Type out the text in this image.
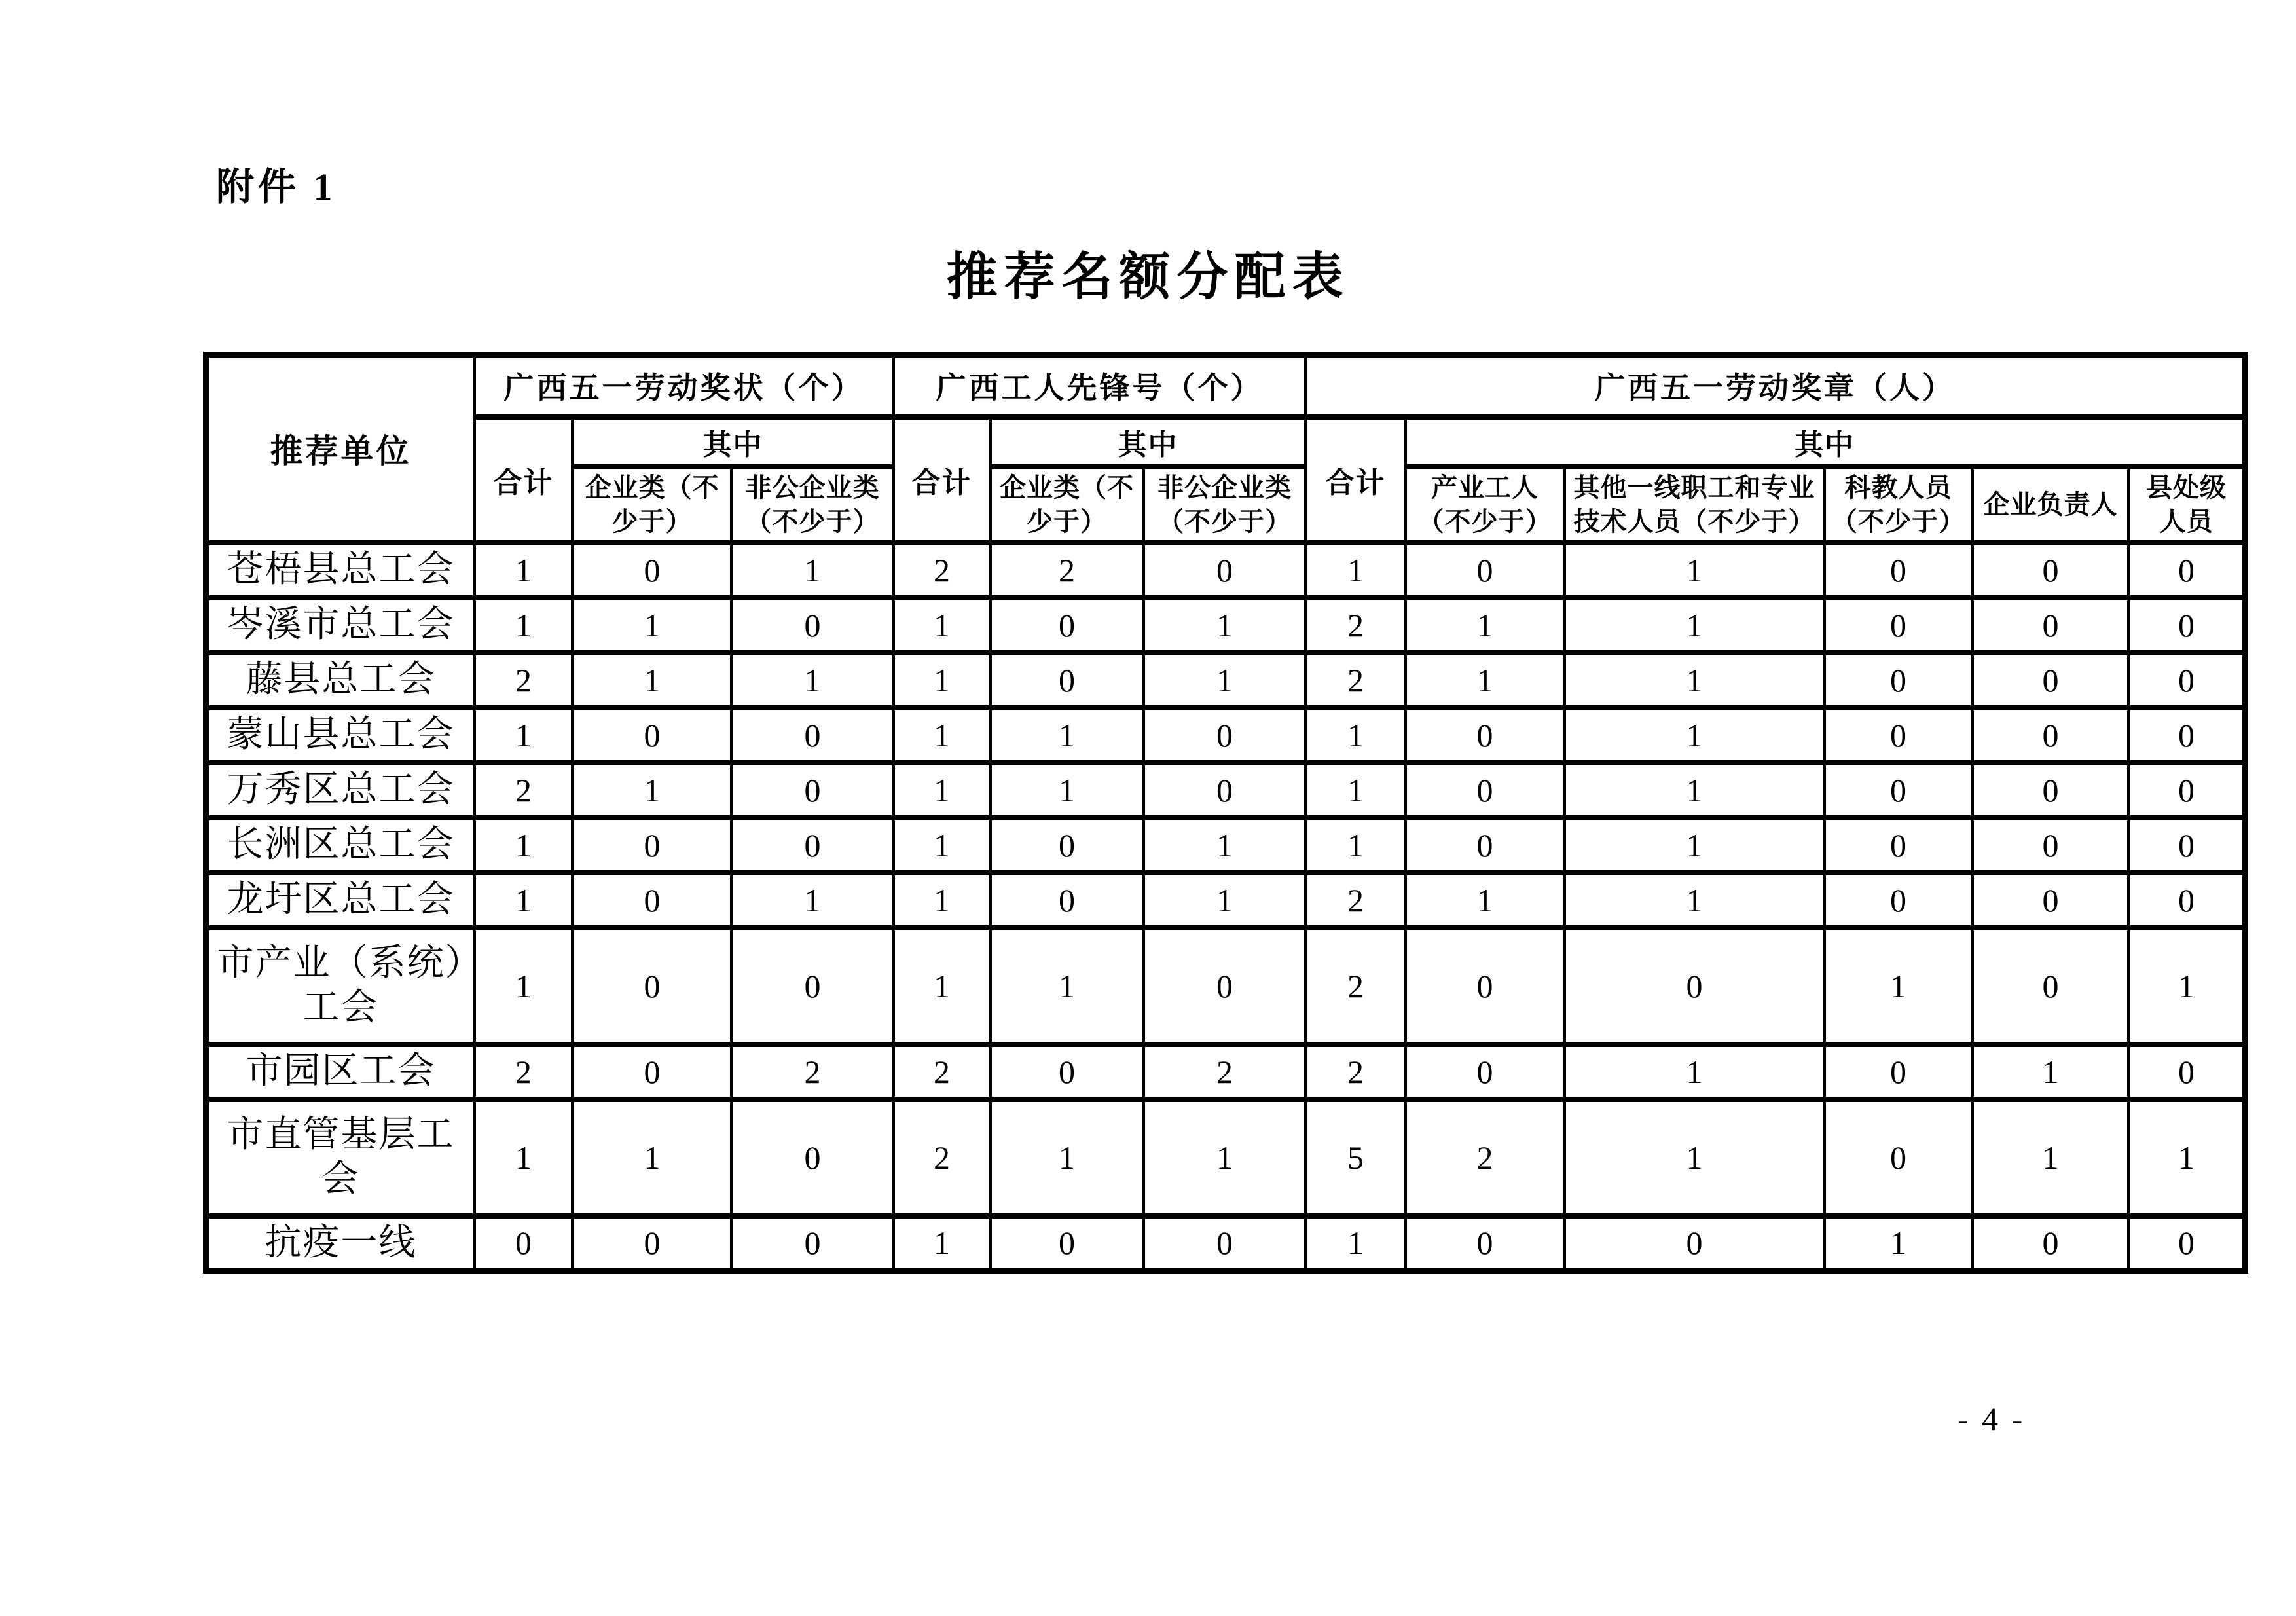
附件 1
推荐名额分配表
推荐单位	广西五一劳动奖状（个）			广西工人先锋号（个）			广西五一劳动奖章（人）					
	合计	其中		合计	其中		合计	其中				
		企业类（不少于）	非公企业类（不少于）		企业类（不少于）	非公企业类（不少于）		产业工人（不少于）	其他一线职工和专业技术人员（不少于）	科教人员（不少于）	企业负责人	县处级人员
苍梧县总工会	1	0	1	2	2	0	1	0	1	0	0	0
岑溪市总工会	1	1	0	1	0	1	2	1	1	0	0	0
藤县总工会	2	1	1	1	0	1	2	1	1	0	0	0
蒙山县总工会	1	0	0	1	1	0	1	0	1	0	0	0
万秀区总工会	2	1	0	1	1	0	1	0	1	0	0	0
长洲区总工会	1	0	0	1	0	1	1	0	1	0	0	0
龙圩区总工会	1	0	1	1	0	1	2	1	1	0	0	0
市产业（系统）工会	1	0	0	1	1	0	2	0	0	1	0	1
市园区工会	2	0	2	2	0	2	2	0	1	0	1	0
市直管基层工会	1	1	0	2	1	1	5	2	1	0	1	1
抗疫一线	0	0	0	1	0	0	1	0	0	1	0	0
- 4 -
